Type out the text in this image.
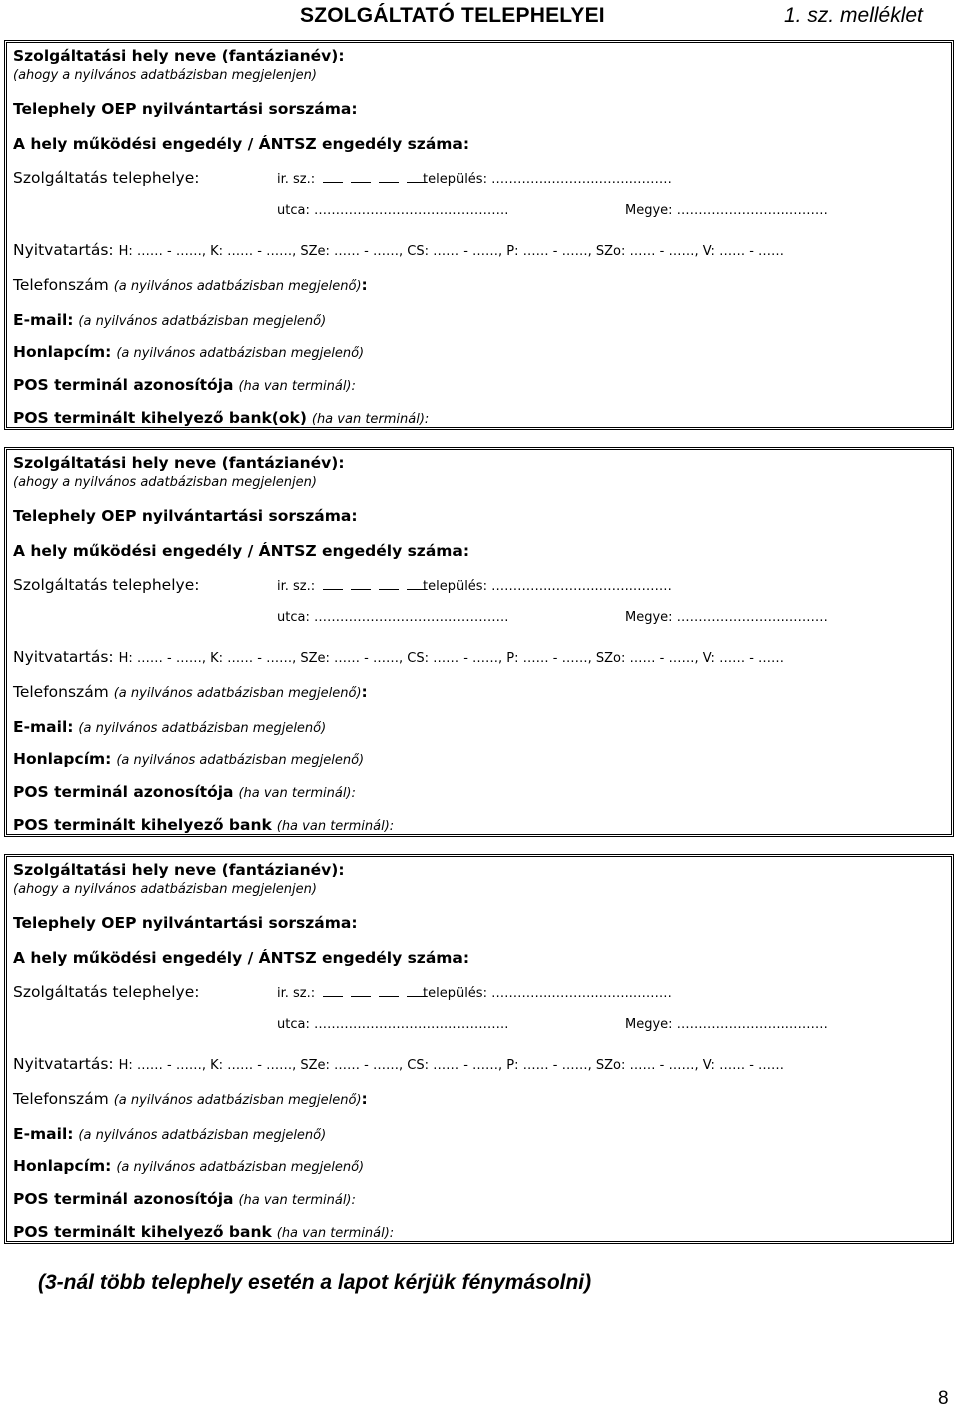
SZOLGÁLTATÓ TELEPHELYEI	1. sz. melléklet
Szolgáltatási hely neve (fantázianév):
(ahogy a nyilvános adatbázisban megjelenjen)
Telephely OEP nyilvántartási sorszáma:
A hely működési engedély / ÁNTSZ engedély száma:
Szolgáltatás telephelye:	ir. sz.:	település: …………..………..……..………
utca: …………………………..………….	Megye: ……………………..………
Nyitvatartás: H: …… - ……, K: …… - ……, SZe: …… - ……, CS: …… - ……, P: …… - ……, SZo: …… - ……, V: …… - ……
Telefonszám (a nyilvános adatbázisban megjelenő):
E-mail: (a nyilvános adatbázisban megjelenő)
Honlapcím: (a nyilvános adatbázisban megjelenő)
POS terminál azonosítója (ha van terminál):
POS terminált kihelyező bank(ok) (ha van terminál):
Szolgáltatási hely neve (fantázianév):
(ahogy a nyilvános adatbázisban megjelenjen)
Telephely OEP nyilvántartási sorszáma:
A hely működési engedély / ÁNTSZ engedély száma:
Szolgáltatás telephelye:	ir. sz.:	település: …………..………..……..………
utca: …………………………..………….	Megye: ……………………..………
Nyitvatartás: H: …… - ……, K: …… - ……, SZe: …… - ……, CS: …… - ……, P: …… - ……, SZo: …… - ……, V: …… - ……
Telefonszám (a nyilvános adatbázisban megjelenő):
E-mail: (a nyilvános adatbázisban megjelenő)
Honlapcím: (a nyilvános adatbázisban megjelenő)
POS terminál azonosítója (ha van terminál):
POS terminált kihelyező bank (ha van terminál):
Szolgáltatási hely neve (fantázianév):
(ahogy a nyilvános adatbázisban megjelenjen)
Telephely OEP nyilvántartási sorszáma:
A hely működési engedély / ÁNTSZ engedély száma:
Szolgáltatás telephelye:	ir. sz.:	település: …………..………..……..………
utca: …………………………..………….	Megye: ……………………..………
Nyitvatartás: H: …… - ……, K: …… - ……, SZe: …… - ……, CS: …… - ……, P: …… - ……, SZo: …… - ……, V: …… - ……
Telefonszám (a nyilvános adatbázisban megjelenő):
E-mail: (a nyilvános adatbázisban megjelenő)
Honlapcím: (a nyilvános adatbázisban megjelenő)
POS terminál azonosítója (ha van terminál):
POS terminált kihelyező bank (ha van terminál):
(3-nál több telephely esetén a lapot kérjük fénymásolni)
8
